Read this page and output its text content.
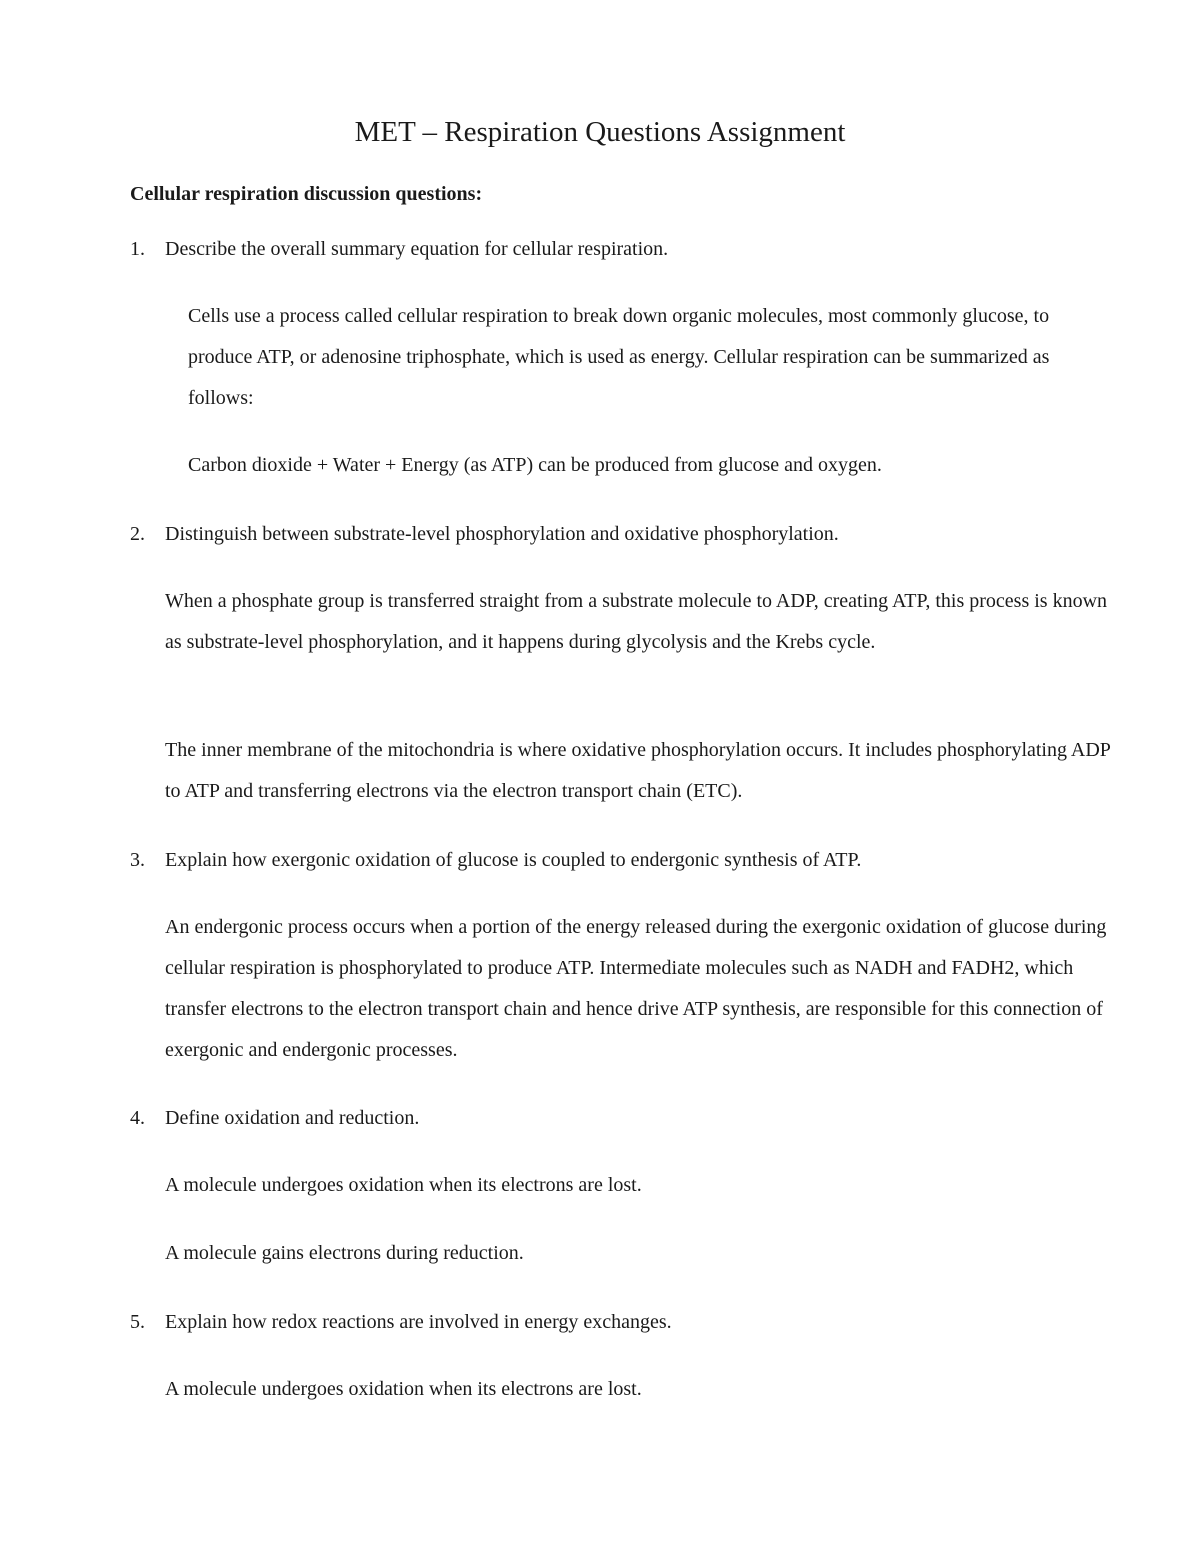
MET – Respiration Questions Assignment

Cellular respiration discussion questions:

1. Describe the overall summary equation for cellular respiration.

Cells use a process called cellular respiration to break down organic molecules, most commonly glucose, to produce ATP, or adenosine triphosphate, which is used as energy. Cellular respiration can be summarized as follows:

Carbon dioxide + Water + Energy (as ATP) can be produced from glucose and oxygen.

2. Distinguish between substrate-level phosphorylation and oxidative phosphorylation.

When a phosphate group is transferred straight from a substrate molecule to ADP, creating ATP, this process is known as substrate-level phosphorylation, and it happens during glycolysis and the Krebs cycle.

The inner membrane of the mitochondria is where oxidative phosphorylation occurs. It includes phosphorylating ADP to ATP and transferring electrons via the electron transport chain (ETC).

3. Explain how exergonic oxidation of glucose is coupled to endergonic synthesis of ATP.

An endergonic process occurs when a portion of the energy released during the exergonic oxidation of glucose during cellular respiration is phosphorylated to produce ATP. Intermediate molecules such as NADH and FADH2, which transfer electrons to the electron transport chain and hence drive ATP synthesis, are responsible for this connection of exergonic and endergonic processes.

4. Define oxidation and reduction.

A molecule undergoes oxidation when its electrons are lost.

A molecule gains electrons during reduction.

5. Explain how redox reactions are involved in energy exchanges.

A molecule undergoes oxidation when its electrons are lost.
